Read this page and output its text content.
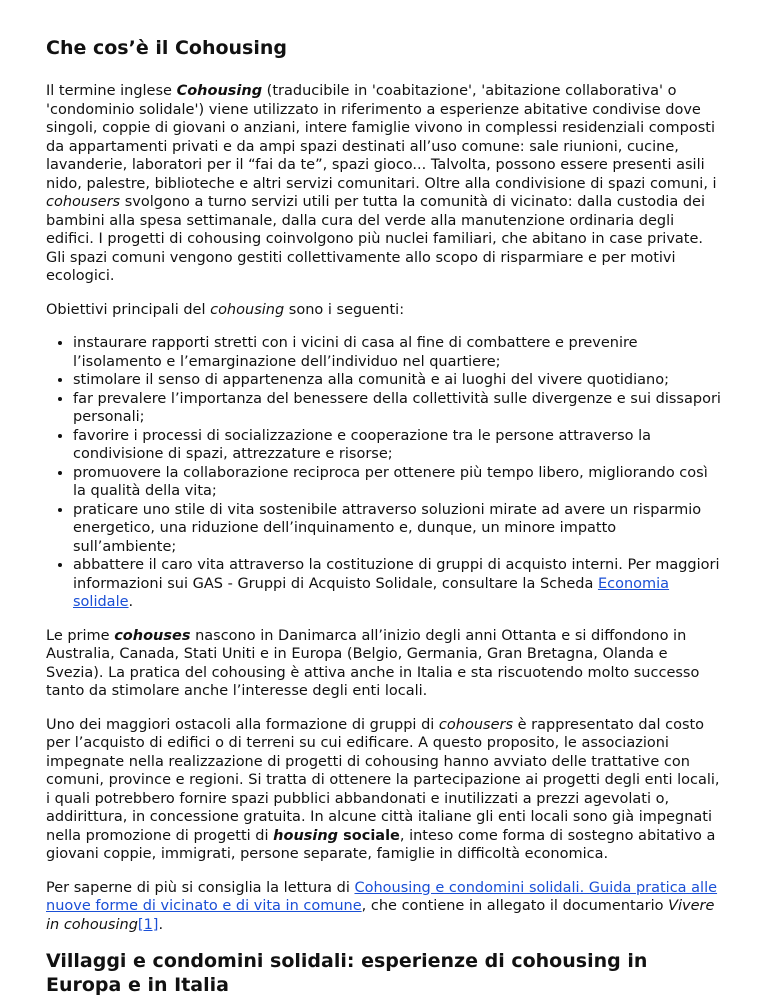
Che cos’è il Cohousing

Il termine inglese Cohousing (traducibile in 'coabitazione', 'abitazione collaborativa' o 'condominio solidale') viene utilizzato in riferimento a esperienze abitative condivise dove singoli, coppie di giovani o anziani, intere famiglie vivono in complessi residenziali composti da appartamenti privati e da ampi spazi destinati all’uso comune: sale riunioni, cucine, lavanderie, laboratori per il “fai da te”, spazi gioco... Talvolta, possono essere presenti asili nido, palestre, biblioteche e altri servizi comunitari. Oltre alla condivisione di spazi comuni, i cohousers svolgono a turno servizi utili per tutta la comunità di vicinato: dalla custodia dei bambini alla spesa settimanale, dalla cura del verde alla manutenzione ordinaria degli edifici. I progetti di cohousing coinvolgono più nuclei familiari, che abitano in case private. Gli spazi comuni vengono gestiti collettivamente allo scopo di risparmiare e per motivi ecologici.

Obiettivi principali del cohousing sono i seguenti:

• instaurare rapporti stretti con i vicini di casa al fine di combattere e prevenire l’isolamento e l’emarginazione dell’individuo nel quartiere;
• stimolare il senso di appartenenza alla comunità e ai luoghi del vivere quotidiano;
• far prevalere l’importanza del benessere della collettività sulle divergenze e sui dissapori personali;
• favorire i processi di socializzazione e cooperazione tra le persone attraverso la condivisione di spazi, attrezzature e risorse;
• promuovere la collaborazione reciproca per ottenere più tempo libero, migliorando così la qualità della vita;
• praticare uno stile di vita sostenibile attraverso soluzioni mirate ad avere un risparmio energetico, una riduzione dell’inquinamento e, dunque, un minore impatto sull’ambiente;
• abbattere il caro vita attraverso la costituzione di gruppi di acquisto interni. Per maggiori informazioni sui GAS - Gruppi di Acquisto Solidale, consultare la Scheda Economia solidale.

Le prime cohouses nascono in Danimarca all’inizio degli anni Ottanta e si diffondono in Australia, Canada, Stati Uniti e in Europa (Belgio, Germania, Gran Bretagna, Olanda e Svezia). La pratica del cohousing è attiva anche in Italia e sta riscuotendo molto successo tanto da stimolare anche l’interesse degli enti locali.

Uno dei maggiori ostacoli alla formazione di gruppi di cohousers è rappresentato dal costo per l’acquisto di edifici o di terreni su cui edificare. A questo proposito, le associazioni impegnate nella realizzazione di progetti di cohousing hanno avviato delle trattative con comuni, province e regioni. Si tratta di ottenere la partecipazione ai progetti degli enti locali, i quali potrebbero fornire spazi pubblici abbandonati e inutilizzati a prezzi agevolati o, addirittura, in concessione gratuita. In alcune città italiane gli enti locali sono già impegnati nella promozione di progetti di housing sociale, inteso come forma di sostegno abitativo a giovani coppie, immigrati, persone separate, famiglie in difficoltà economica.

Per saperne di più si consiglia la lettura di Cohousing e condomini solidali. Guida pratica alle nuove forme di vicinato e di vita in comune, che contiene in allegato il documentario Vivere in cohousing[1].

Villaggi e condomini solidali: esperienze di cohousing in Europa e in Italia
